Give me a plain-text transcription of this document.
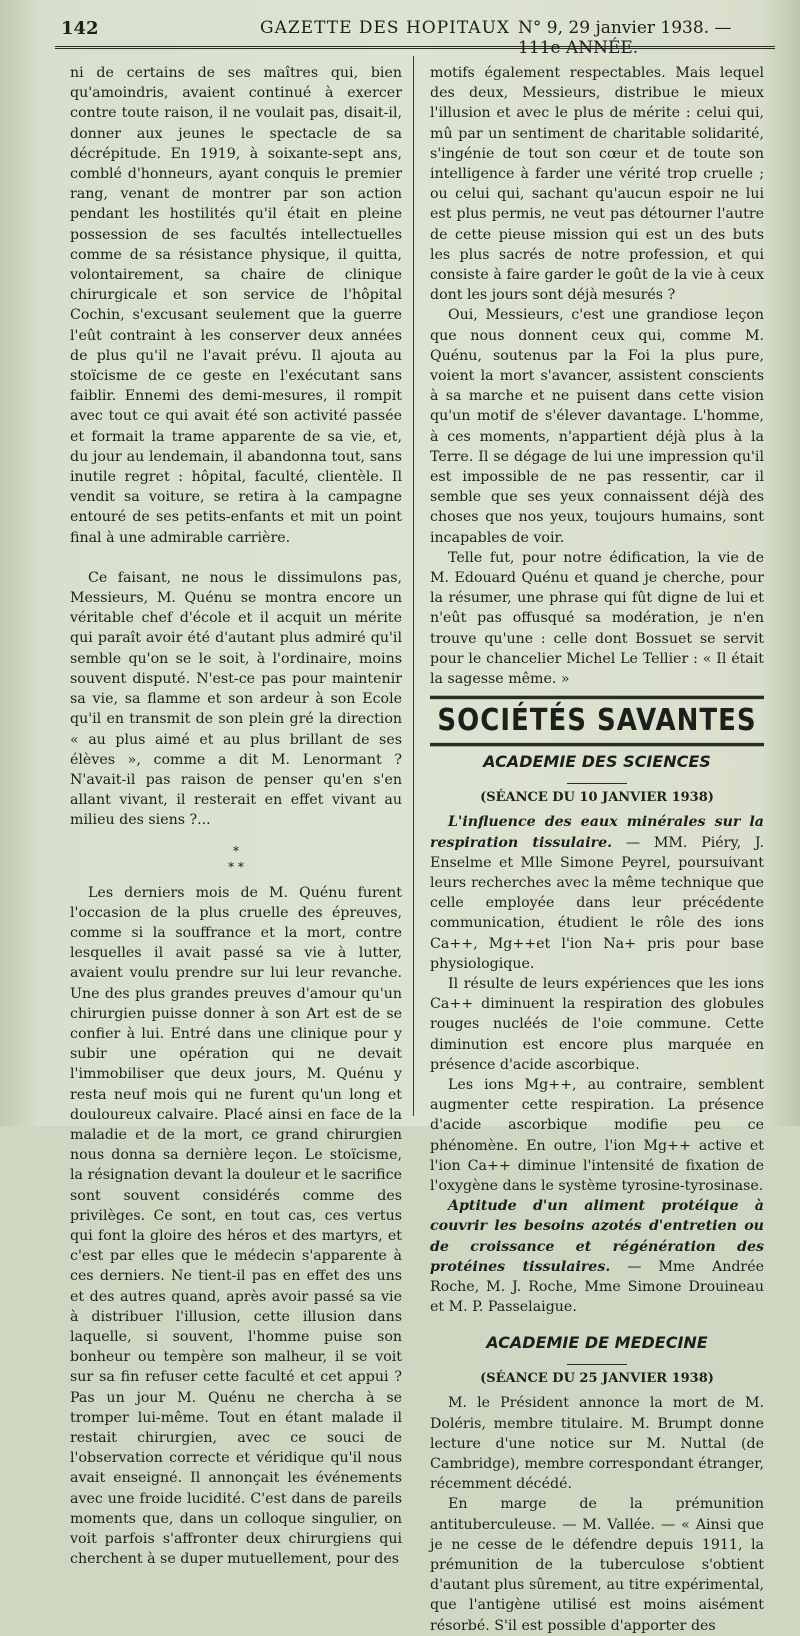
142	GAZETTE DES HOPITAUX N° 9, 29 janvier 1938. — 111e ANNÉE.

ni de certains de ses maîtres qui, bien qu'amoindris, avaient continué à exercer contre toute raison, il ne voulait pas, disait-il, donner aux jeunes le spectacle de sa décrépitude. En 1919, à soixante-sept ans, comblé d'honneurs, ayant conquis le premier rang, venant de montrer par son action pendant les hostilités qu'il était en pleine possession de ses facultés intellectuelles comme de sa résistance physique, il quitta, volontairement, sa chaire de clinique chirurgicale et son service de l'hôpital Cochin, s'excusant seulement que la guerre l'eût contraint à les conserver deux années de plus qu'il ne l'avait prévu. Il ajouta au stoïcisme de ce geste en l'exécutant sans faiblir. Ennemi des demi-mesures, il rompit avec tout ce qui avait été son activité passée et formait la trame apparente de sa vie, et, du jour au lendemain, il abandonna tout, sans inutile regret : hôpital, faculté, clientèle. Il vendit sa voiture, se retira à la campagne entouré de ses petits-enfants et mit un point final à une admirable carrière.

Ce faisant, ne nous le dissimulons pas, Messieurs, M. Quénu se montra encore un véritable chef d'école et il acquit un mérite qui paraît avoir été d'autant plus admiré qu'il semble qu'on se le soit, à l'ordinaire, moins souvent disputé. N'est-ce pas pour maintenir sa vie, sa flamme et son ardeur à son Ecole qu'il en transmit de son plein gré la direction « au plus aimé et au plus brillant de ses élèves », comme a dit M. Lenormant ? N'avait-il pas raison de penser qu'en s'en allant vivant, il resterait en effet vivant au milieu des siens ?...

*
* *

Les derniers mois de M. Quénu furent l'occasion de la plus cruelle des épreuves, comme si la souffrance et la mort, contre lesquelles il avait passé sa vie à lutter, avaient voulu prendre sur lui leur revanche. Une des plus grandes preuves d'amour qu'un chirurgien puisse donner à son Art est de se confier à lui. Entré dans une clinique pour y subir une opération qui ne devait l'immobiliser que deux jours, M. Quénu y resta neuf mois qui ne furent qu'un long et douloureux calvaire. Placé ainsi en face de la maladie et de la mort, ce grand chirurgien nous donna sa dernière leçon. Le stoïcisme, la résignation devant la douleur et le sacrifice sont souvent considérés comme des privilèges. Ce sont, en tout cas, ces vertus qui font la gloire des héros et des martyrs, et c'est par elles que le médecin s'apparente à ces derniers. Ne tient-il pas en effet des uns et des autres quand, après avoir passé sa vie à distribuer l'illusion, cette illusion dans laquelle, si souvent, l'homme puise son bonheur ou tempère son malheur, il se voit sur sa fin refuser cette faculté et cet appui ? Pas un jour M. Quénu ne chercha à se tromper lui-même. Tout en étant malade il restait chirurgien, avec ce souci de l'observation correcte et véridique qu'il nous avait enseigné. Il annonçait les événements avec une froide lucidité. C'est dans de pareils moments que, dans un colloque singulier, on voit parfois s'affronter deux chirurgiens qui cherchent à se duper mutuellement, pour des

motifs également respectables. Mais lequel des deux, Messieurs, distribue le mieux l'illusion et avec le plus de mérite : celui qui, mû par un sentiment de charitable solidarité, s'ingénie de tout son cœur et de toute son intelligence à farder une vérité trop cruelle ; ou celui qui, sachant qu'aucun espoir ne lui est plus permis, ne veut pas détourner l'autre de cette pieuse mission qui est un des buts les plus sacrés de notre profession, et qui consiste à faire garder le goût de la vie à ceux dont les jours sont déjà mesurés ?

Oui, Messieurs, c'est une grandiose leçon que nous donnent ceux qui, comme M. Quénu, soutenus par la Foi la plus pure, voient la mort s'avancer, assistent conscients à sa marche et ne puisent dans cette vision qu'un motif de s'élever davantage. L'homme, à ces moments, n'appartient déjà plus à la Terre. Il se dégage de lui une impression qu'il est impossible de ne pas ressentir, car il semble que ses yeux connaissent déjà des choses que nos yeux, toujours humains, sont incapables de voir.

Telle fut, pour notre édification, la vie de M. Edouard Quénu et quand je cherche, pour la résumer, une phrase qui fût digne de lui et n'eût pas offusqué sa modération, je n'en trouve qu'une : celle dont Bossuet se servit pour le chancelier Michel Le Tellier : « Il était la sagesse même. »

SOCIÉTÉS SAVANTES
ACADEMIE DES SCIENCES
(SÉANCE DU 10 JANVIER 1938)

L'influence des eaux minérales sur la respiration tissulaire. — MM. Piéry, J. Enselme et Mlle Simone Peyrel, poursuivant leurs recherches avec la même technique que celle employée dans leur précédente communication, étudient le rôle des ions Ca++, Mg++et l'ion Na+ pris pour base physiologique.

Il résulte de leurs expériences que les ions Ca++ diminuent la respiration des globules rouges nucléés de l'oie commune. Cette diminution est encore plus marquée en présence d'acide ascorbique.

Les ions Mg++, au contraire, semblent augmenter cette respiration. La présence d'acide ascorbique modifie peu ce phénomène. En outre, l'ion Mg++ active et l'ion Ca++ diminue l'intensité de fixation de l'oxygène dans le système tyrosine-tyrosinase.

Aptitude d'un aliment protéique à couvrir les besoins azotés d'entretien ou de croissance et régénération des protéines tissulaires. — Mme Andrée Roche, M. J. Roche, Mme Simone Drouineau et M. P. Passelaigue.

ACADEMIE DE MEDECINE
(SÉANCE DU 25 JANVIER 1938)

M. le Président annonce la mort de M. Doléris, membre titulaire. M. Brumpt donne lecture d'une notice sur M. Nuttal (de Cambridge), membre correspondant étranger, récemment décédé.

En marge de la prémunition antituberculeuse. — M. Vallée. — « Ainsi que je ne cesse de le défendre depuis 1911, la prémunition de la tuberculose s'obtient d'autant plus sûrement, au titre expérimental, que l'antigène utilisé est moins aisément résorbé. S'il est possible d'apporter des
